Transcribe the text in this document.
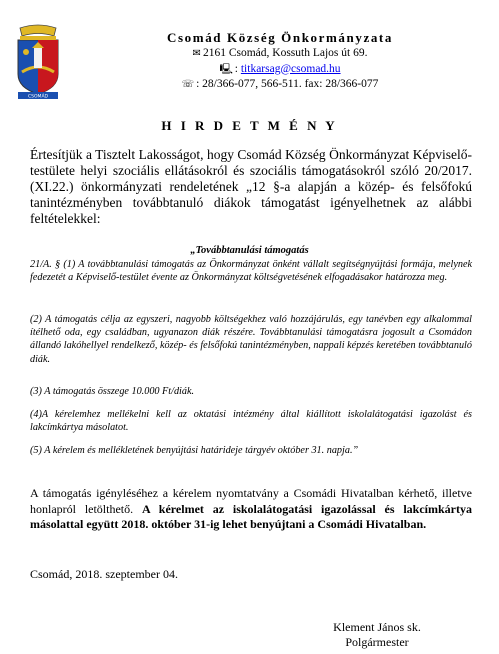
CSOMÁD
Csomád Község Önkormányzata
✉ 2161 Csomád, Kossuth Lajos út 69.
🖳 : titkarsag@csomad.hu
☏ : 28/366-077, 566-511. fax: 28/366-077
H I R D E T M É N Y
Értesítjük a Tisztelt Lakosságot, hogy Csomád Község Önkormányzat Képviselő-testülete helyi szociális ellátásokról és szociális támogatásokról szóló 20/2017.(XI.22.) önkormányzati rendeletének „12 §-a alapján a közép- és felsőfokú tanintézményben továbbtanuló diákok támogatást igényelhetnek az alábbi feltételekkel:
„Továbbtanulási támogatás
21/A. § (1) A továbbtanulási támogatás az Önkormányzat önként vállalt segítségnyújtási formája, melynek fedezetét a Képviselő-testület évente az Önkormányzat költségvetésének elfogadásakor határozza meg.
(2) A támogatás célja az egyszeri, nagyobb költségekhez való hozzájárulás, egy tanévben egy alkalommal ítélhető oda, egy családban, ugyanazon diák részére. Továbbtanulási támogatásra jogosult a Csomádon állandó lakóhellyel rendelkező, közép- és felsőfokú tanintézményben, nappali képzés keretében továbbtanuló diák.
(3) A támogatás összege 10.000 Ft/diák.
(4)A kérelemhez mellékelni kell az oktatási intézmény által kiállított iskolalátogatási igazolást és lakcímkártya másolatot.
(5) A kérelem és mellékletének benyújtási határideje tárgyév október 31. napja.”
A támogatás igényléséhez a kérelem nyomtatvány a Csomádi Hivatalban kérhető, illetve honlapról letölthető. A kérelmet az iskolalátogatási igazolással és lakcímkártya másolattal együtt 2018. október 31-ig lehet benyújtani a Csomádi Hivatalban.
Csomád, 2018. szeptember 04.
Klement János sk.
Polgármester
